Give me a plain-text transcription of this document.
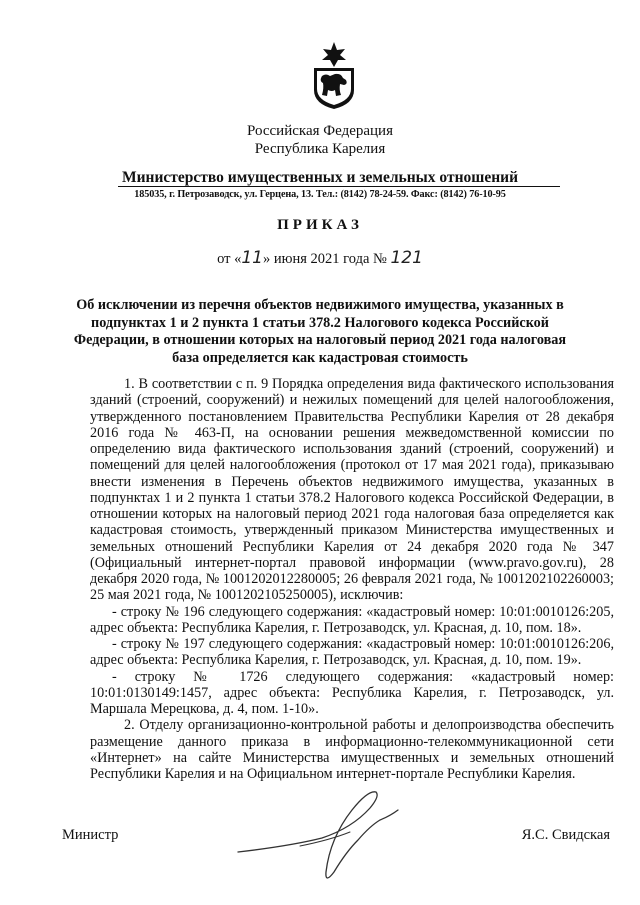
Российская Федерация
Республика Карелия
Министерство имущественных и земельных отношений
185035, г. Петрозаводск, ул. Герцена, 13. Тел.: (8142) 78-24-59. Факс: (8142) 76-10-95
ПРИКАЗ
от «11» июня 2021 года № 121
Об исключении из перечня объектов недвижимого имущества, указанных в подпунктах 1 и 2 пункта 1 статьи 378.2 Налогового кодекса Российской Федерации, в отношении которых на налоговый период 2021 года налоговая база определяется как кадастровая стоимость

1. В соответствии с п. 9 Порядка определения вида фактического использования зданий (строений, сооружений) и нежилых помещений для целей налогообложения, утвержденного постановлением Правительства Республики Карелия от 28 декабря 2016 года № 463-П, на основании решения межведомственной комиссии по определению вида фактического использования зданий (строений, сооружений) и помещений для целей налогообложения (протокол от 17 мая 2021 года), приказываю внести изменения в Перечень объектов недвижимого имущества, указанных в подпунктах 1 и 2 пункта 1 статьи 378.2 Налогового кодекса Российской Федерации, в отношении которых на налоговый период 2021 года налоговая база определяется как кадастровая стоимость, утвержденный приказом Министерства имущественных и земельных отношений Республики Карелия от 24 декабря 2020 года № 347 (Официальный интернет-портал правовой информации (www.pravo.gov.ru), 28 декабря 2020 года, № 1001202012280005; 26 февраля 2021 года, № 1001202102260003; 25 мая 2021 года, № 1001202105250005), исключив:

- строку № 196 следующего содержания: «кадастровый номер: 10:01:0010126:205, адрес объекта: Республика Карелия, г. Петрозаводск, ул. Красная, д. 10, пом. 18».

- строку № 197 следующего содержания: «кадастровый номер: 10:01:0010126:206, адрес объекта: Республика Карелия, г. Петрозаводск, ул. Красная, д. 10, пом. 19».

- строку № 1726 следующего содержания: «кадастровый номер: 10:01:0130149:1457, адрес объекта: Республика Карелия, г. Петрозаводск, ул. Маршала Мерецкова, д. 4, пом. 1-10».

2. Отделу организационно-контрольной работы и делопроизводства обеспечить размещение данного приказа в информационно-телекоммуникационной сети «Интернет» на сайте Министерства имущественных и земельных отношений Республики Карелия и на Официальном интернет-портале Республики Карелия.

Министр	Я.С. Свидская
